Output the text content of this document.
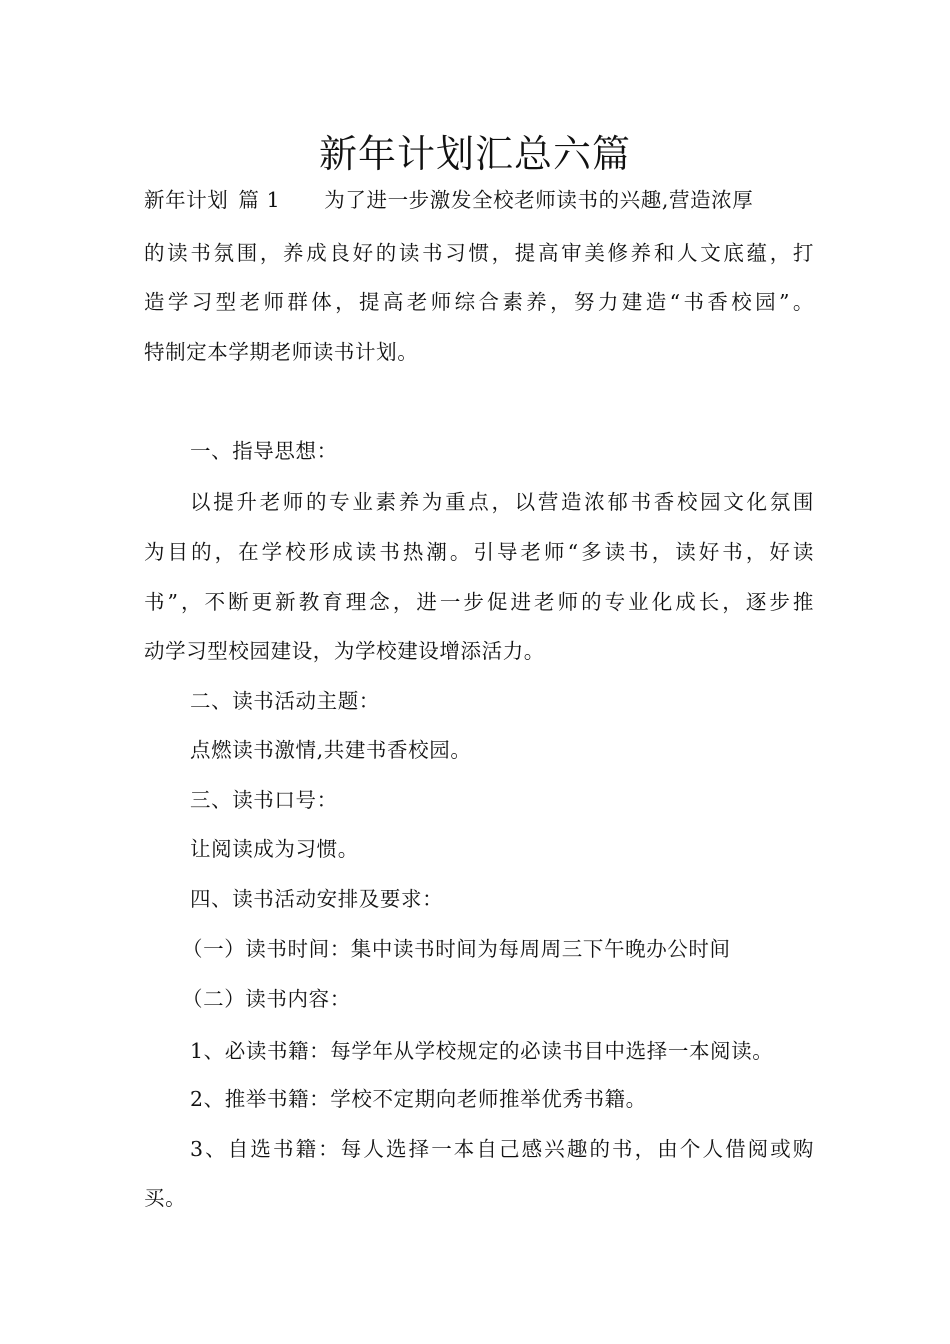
新年计划汇总六篇
新年计划 篇 1 为了进一步激发全校老师读书的兴趣,营造浓厚
的读书氛围，养成良好的读书习惯，提高审美修养和人文底蕴，打
造学习型老师群体，提高老师综合素养，努力建造“书香校园”。
特制定本学期老师读书计划。
一、指导思想：
以提升老师的专业素养为重点，以营造浓郁书香校园文化氛围
为目的，在学校形成读书热潮。引导老师“多读书，读好书，好读
书”，不断更新教育理念，进一步促进老师的专业化成长，逐步推
动学习型校园建设，为学校建设增添活力。
二、读书活动主题：
点燃读书激情,共建书香校园。
三、读书口号：
让阅读成为习惯。
四、读书活动安排及要求：
（一）读书时间：集中读书时间为每周周三下午晚办公时间
（二）读书内容：
1、必读书籍：每学年从学校规定的必读书目中选择一本阅读。
2、推举书籍：学校不定期向老师推举优秀书籍。
3、自选书籍：每人选择一本自己感兴趣的书，由个人借阅或购
买。
